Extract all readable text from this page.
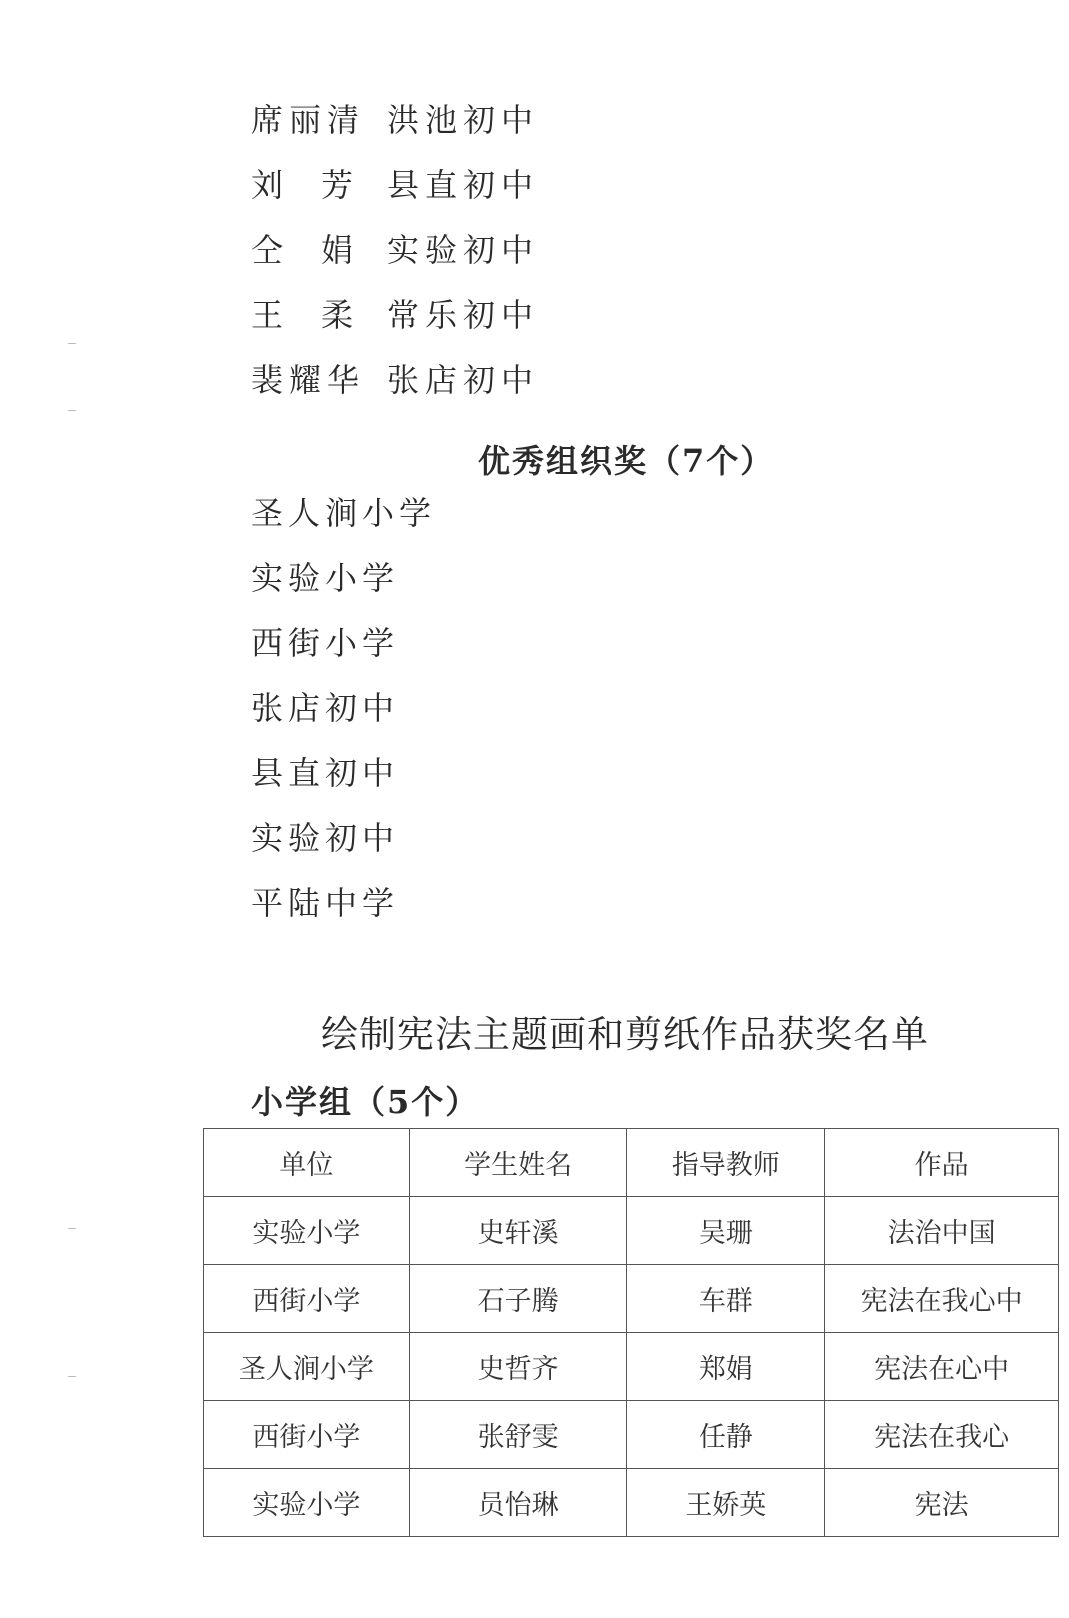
席丽清 洪池初中
刘 芳 县直初中
仝 娟 实验初中
王 柔 常乐初中
裴耀华 张店初中
优秀组织奖（7个）
圣人涧小学
实验小学
西街小学
张店初中
县直初中
实验初中
平陆中学
绘制宪法主题画和剪纸作品获奖名单
小学组（5个）
单位	学生姓名	指导教师	作品
实验小学	史轩溪	吴珊	法治中国
西街小学	石子腾	车群	宪法在我心中
圣人涧小学	史哲齐	郑娟	宪法在心中
西街小学	张舒雯	任静	宪法在我心
实验小学	员怡琳	王娇英	宪法
